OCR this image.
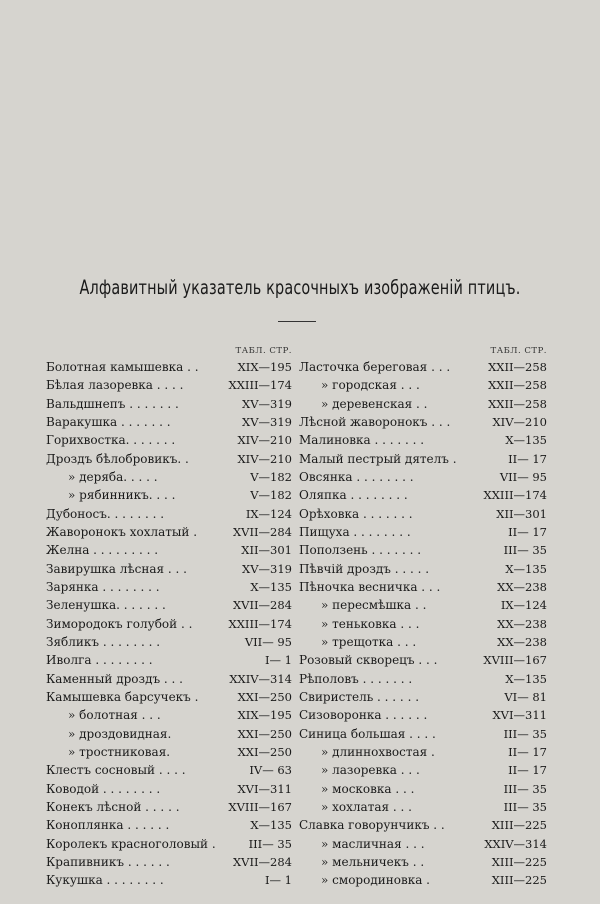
Алфавитный указатель красочныхъ изображенiй птицъ.
ТАБЛ. СТР.
Болотная камышевка . .	XIX—195
Бѣлая лазоревка . . . .	XXIII—174
Вальдшнепъ . . . . . . .	XV—319
Варакушка . . . . . . .	XV—319
Горихвостка. . . . . . .	XIV—210
Дроздъ бѣлобровикъ. .	XIV—210
» деряба. . . . .	V—182
» рябинникъ. . . .	V—182
Дубоносъ. . . . . . . .	IX—124
Жаворонокъ хохлатый .	XVII—284
Желна . . . . . . . . .	XII—301
Завирушка лѣсная . . .	XV—319
Зарянка . . . . . . . .	X—135
Зеленушка. . . . . . .	XVII—284
Зимородокъ голубой . .	XXIII—174
Зябликъ . . . . . . . .	VII— 95
Иволга . . . . . . . .	I— 1
Каменный дроздъ . . .	XXIV—314
Камышевка барсучекъ .	XXI—250
» болотная . . .	XIX—195
» дроздовидная.	XXI—250
» тростниковая.	XXI—250
Клестъ сосновый . . . .	IV— 63
Ководой . . . . . . . .	XVI—311
Конекъ лѣсной . . . . .	XVIII—167
Коноплянка . . . . . .	X—135
Королекъ красноголовый .	III— 35
Крапивникъ . . . . . .	XVII—284
Кукушка . . . . . . . .	I— 1
ТАБЛ. СТР.
Ласточка береговая . . .	XXII—258
» городская . . .	XXII—258
» деревенская . .	XXII—258
Лѣсной жаворонокъ . . .	XIV—210
Малиновка . . . . . . .	X—135
Малый пестрый дятелъ .	II— 17
Овсянка . . . . . . . .	VII— 95
Оляпка . . . . . . . .	XXIII—174
Орѣховка . . . . . . .	XII—301
Пищуха . . . . . . . .	II— 17
Поползень . . . . . . .	III— 35
Пѣвчiй дроздъ . . . . .	X—135
Пѣночка весничка . . .	XX—238
» пересмѣшка . .	IX—124
» теньковка . . .	XX—238
» трещотка . . .	XX—238
Розовый скворецъ . . .	XVIII—167
Рѣполовъ . . . . . . .	X—135
Свиристель . . . . . .	VI— 81
Сизоворонка . . . . . .	XVI—311
Синица большая . . . .	III— 35
» длиннохвостая .	II— 17
» лазоревка . . .	II— 17
» московка . . .	III— 35
» хохлатая . . .	III— 35
Славка говорунчикъ . .	XIII—225
» масличная . . .	XXIV—314
» мельничекъ . .	XIII—225
» смородиновка .	XIII—225
